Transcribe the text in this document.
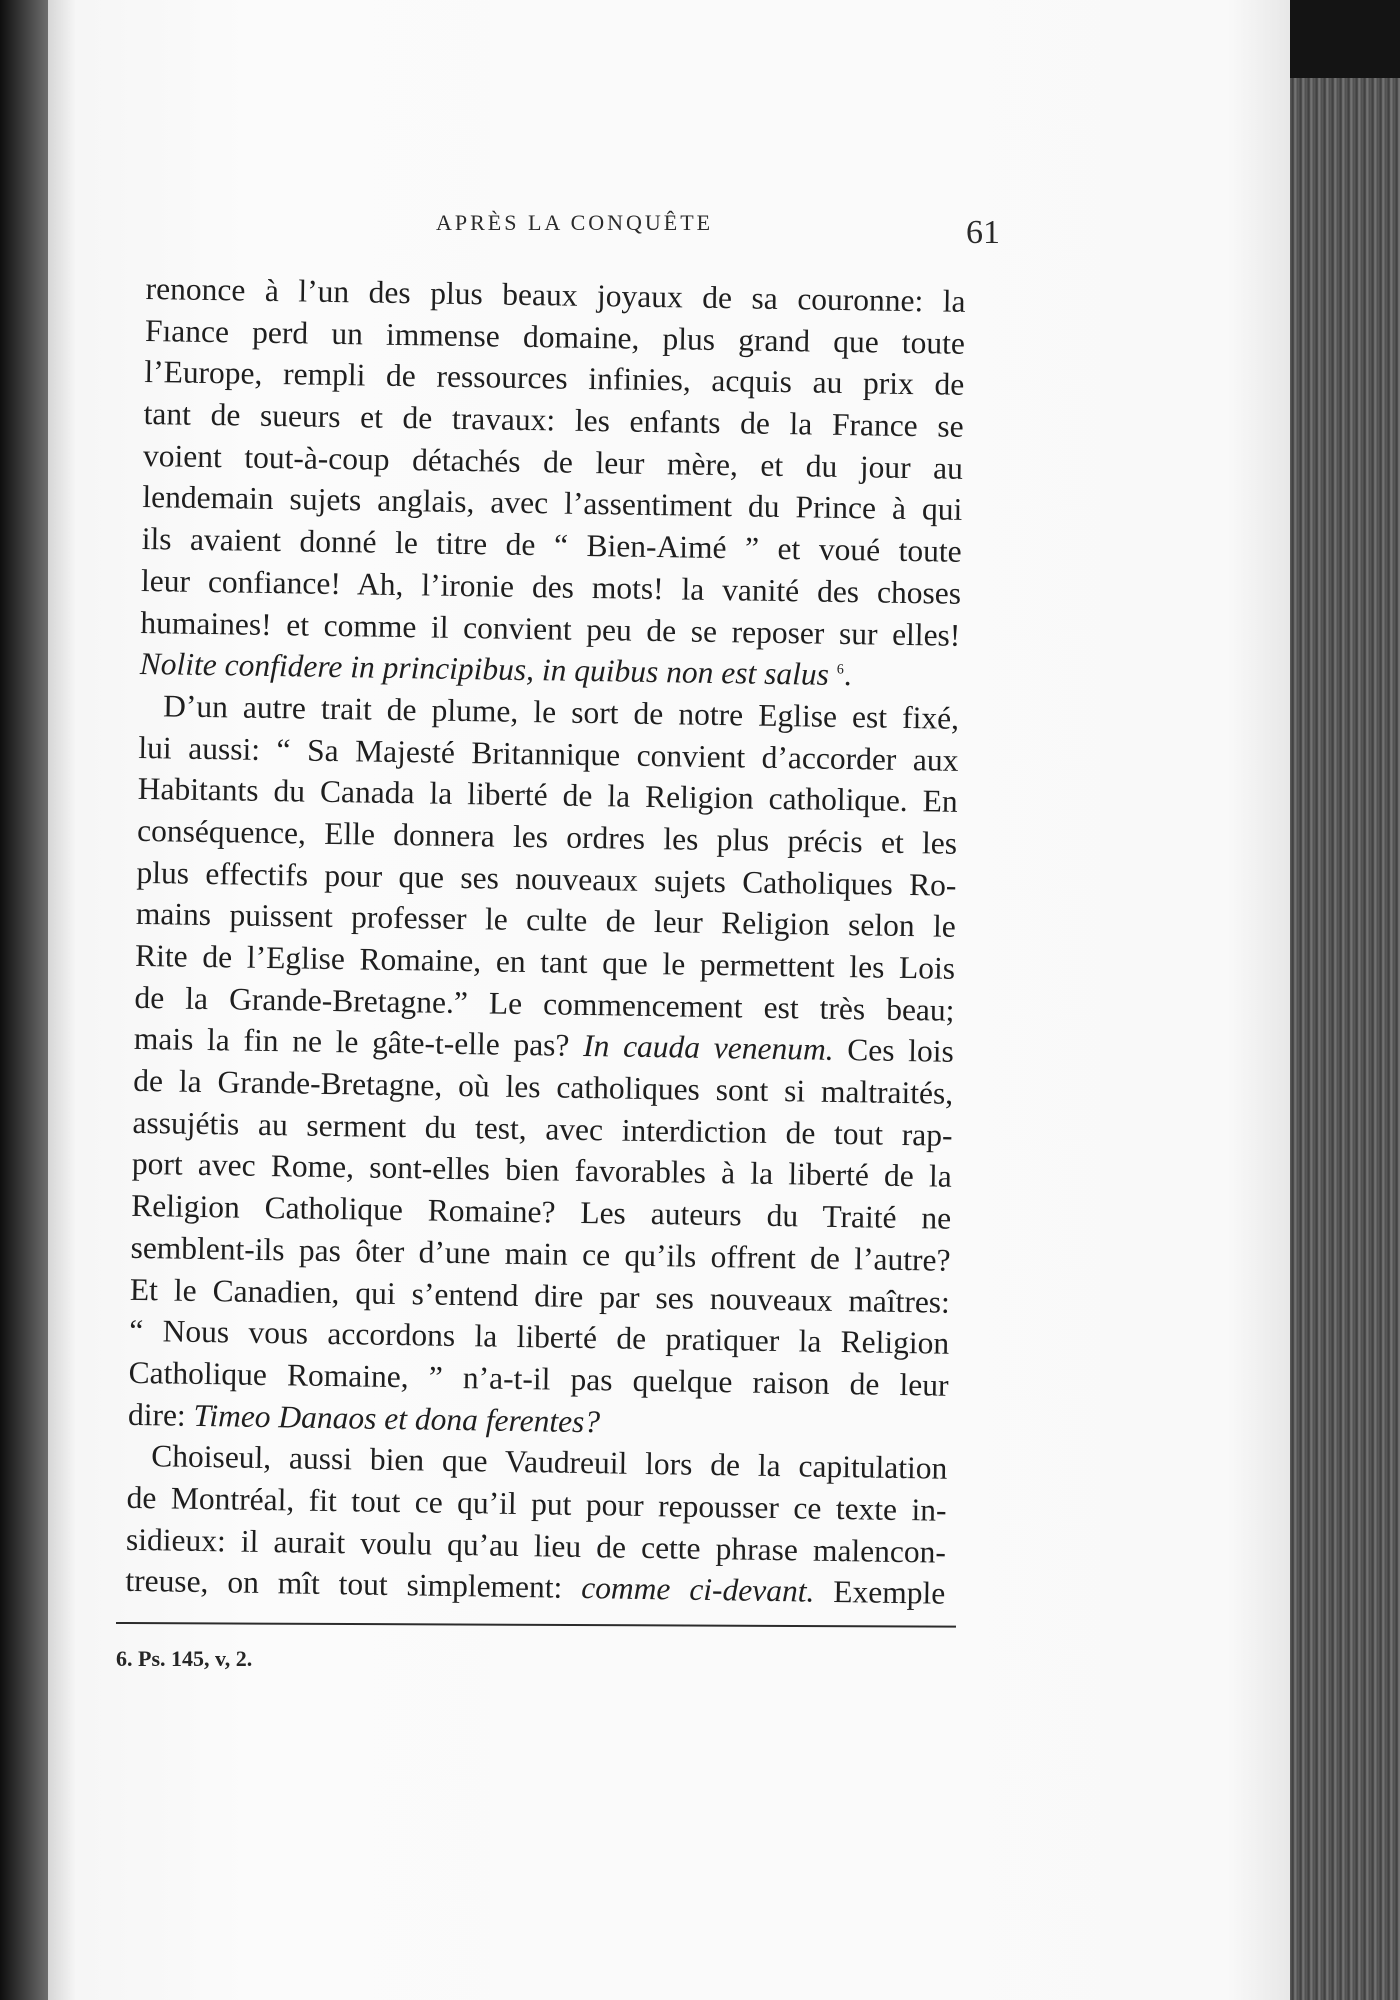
APRÈS LA CONQUÊTE	61
renonce à l’un des plus beaux joyaux de sa couronne: la
Fıance perd un immense domaine, plus grand que toute
l’Europe, rempli de ressources infinies, acquis au prix de
tant de sueurs et de travaux: les enfants de la France se
voient tout-à-coup détachés de leur mère, et du jour au
lendemain sujets anglais, avec l’assentiment du Prince à qui
ils avaient donné le titre de “ Bien-Aimé ” et voué toute
leur confiance! Ah, l’ironie des mots! la vanité des choses
humaines! et comme il convient peu de se reposer sur elles!
Nolite confidere in principibus, in quibus non est salus $^6$.
D’un autre trait de plume, le sort de notre Eglise est fixé,
lui aussi: “ Sa Majesté Britannique convient d’accorder aux
Habitants du Canada la liberté de la Religion catholique. En
conséquence, Elle donnera les ordres les plus précis et les
plus effectifs pour que ses nouveaux sujets Catholiques Ro-
mains puissent professer le culte de leur Religion selon le
Rite de l’Eglise Romaine, en tant que le permettent les Lois
de la Grande-Bretagne.” Le commencement est très beau;
mais la fin ne le gâte-t-elle pas? In cauda venenum. Ces lois
de la Grande-Bretagne, où les catholiques sont si maltraités,
assujétis au serment du test, avec interdiction de tout rap-
port avec Rome, sont-elles bien favorables à la liberté de la
Religion Catholique Romaine? Les auteurs du Traité ne
semblent-ils pas ôter d’une main ce qu’ils offrent de l’autre?
Et le Canadien, qui s’entend dire par ses nouveaux maîtres:
“ Nous vous accordons la liberté de pratiquer la Religion
Catholique Romaine, ” n’a-t-il pas quelque raison de leur
dire: Timeo Danaos et dona ferentes?
Choiseul, aussi bien que Vaudreuil lors de la capitulation
de Montréal, fit tout ce qu’il put pour repousser ce texte in-
sidieux: il aurait voulu qu’au lieu de cette phrase malencon-
treuse, on mît tout simplement: comme ci-devant. Exemple
6. Ps. 145, v, 2.
